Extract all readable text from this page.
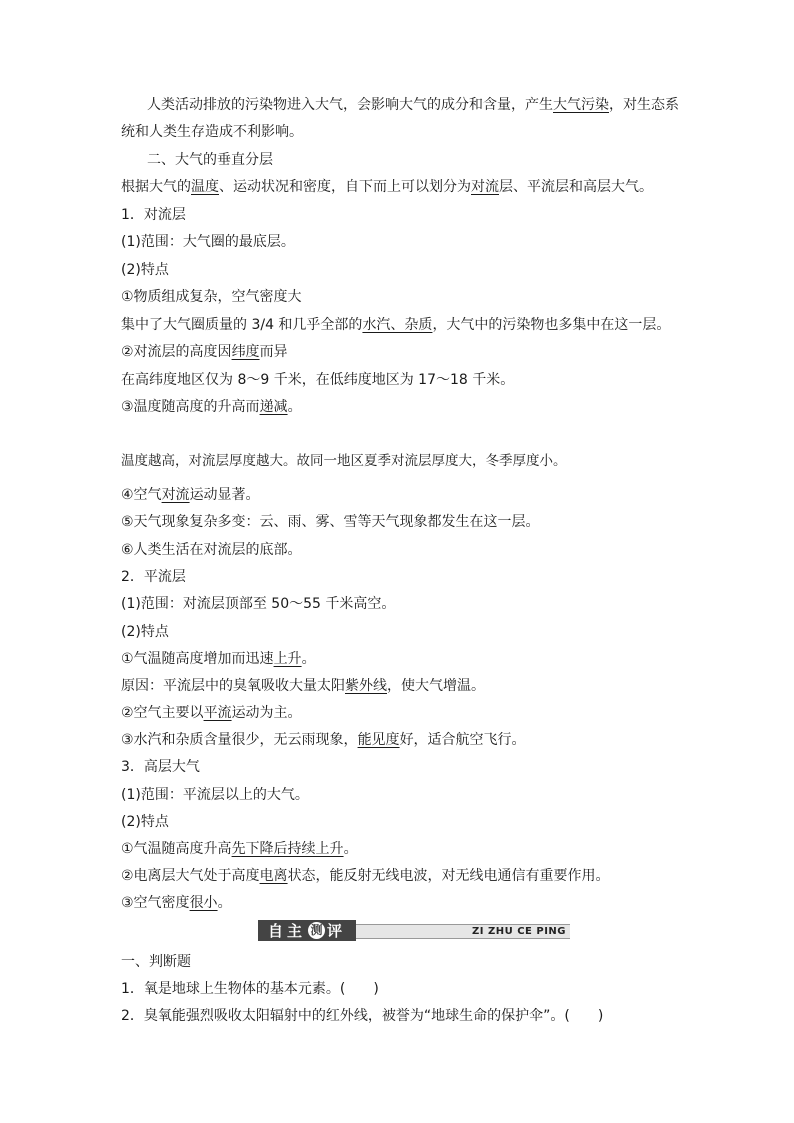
人类活动排放的污染物进入大气，会影响大气的成分和含量，产生大气污染，对生态系
统和人类生存造成不利影响。
二、大气的垂直分层
根据大气的温度、运动状况和密度，自下而上可以划分为对流层、平流层和高层大气。
1．对流层
(1)范围：大气圈的最底层。
(2)特点
①物质组成复杂，空气密度大
集中了大气圈质量的 3/4 和几乎全部的水汽、杂质，大气中的污染物也多集中在这一层。
②对流层的高度因纬度而异
在高纬度地区仅为 8～9 千米，在低纬度地区为 17～18 千米。
③温度随高度的升高而递减。
温度越高，对流层厚度越大。故同一地区夏季对流层厚度大，冬季厚度小。
④空气对流运动显著。
⑤天气现象复杂多变：云、雨、雾、雪等天气现象都发生在这一层。
⑥人类生活在对流层的底部。
2．平流层
(1)范围：对流层顶部至 50～55 千米高空。
(2)特点
①气温随高度增加而迅速上升。
原因：平流层中的臭氧吸收大量太阳紫外线，使大气增温。
②空气主要以平流运动为主。
③水汽和杂质含量很少，无云雨现象，能见度好，适合航空飞行。
3．高层大气
(1)范围：平流层以上的大气。
(2)特点
①气温随高度升高先下降后持续上升。
②电离层大气处于高度电离状态，能反射无线电波，对无线电通信有重要作用。
③空气密度很小。
自 主 测 评	ZI ZHU CE PING
一、判断题
1．氧是地球上生物体的基本元素。(　　)
2．臭氧能强烈吸收太阳辐射中的红外线，被誉为“地球生命的保护伞”。(　　)
